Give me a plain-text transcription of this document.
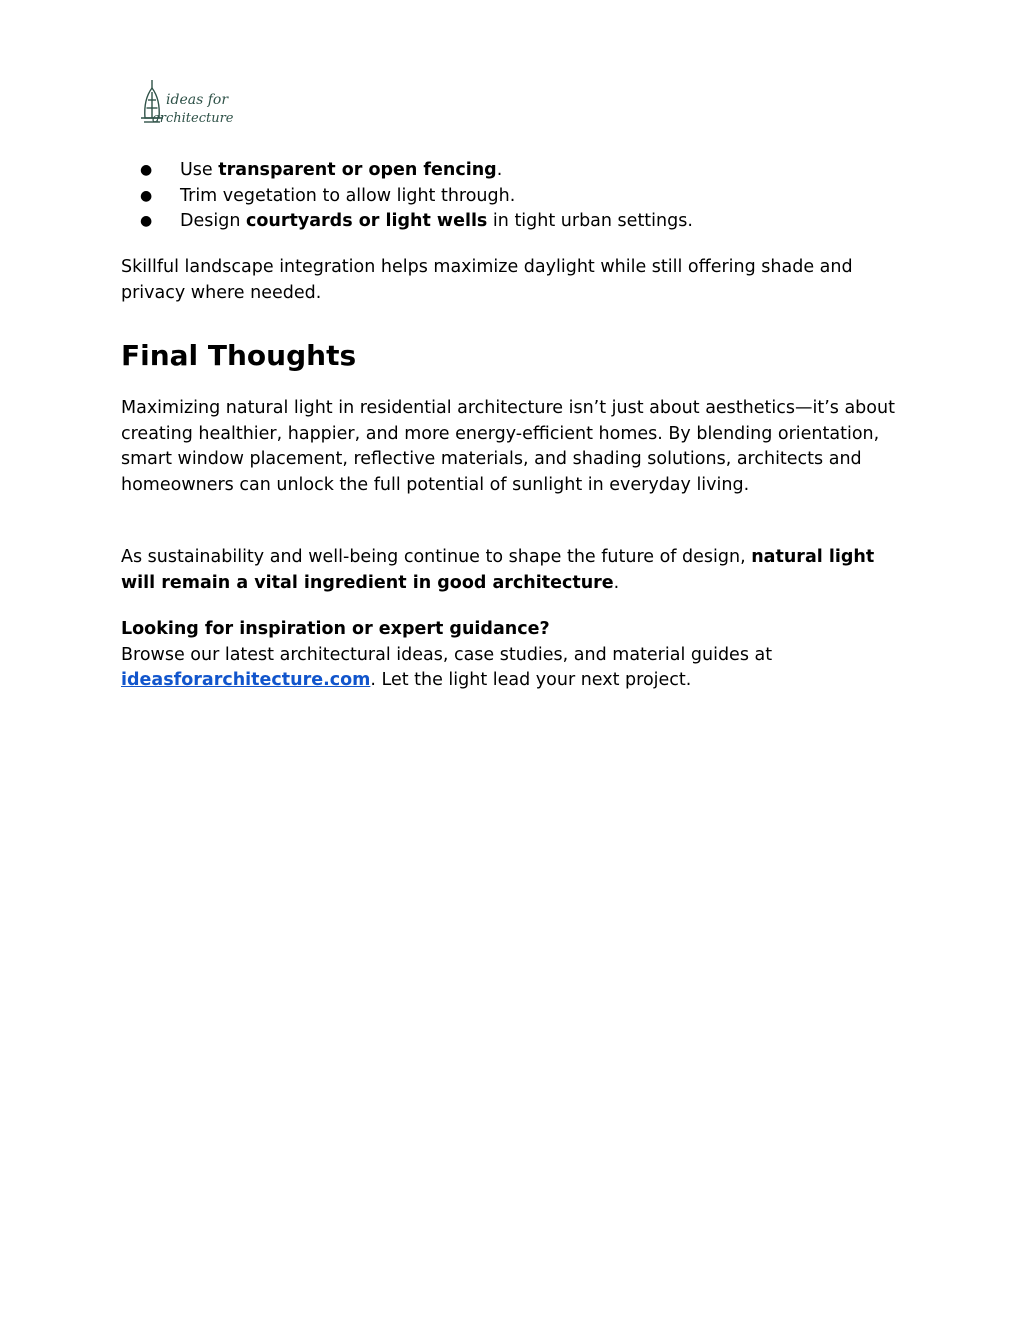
ideas for
architecture
● Use transparent or open fencing.
● Trim vegetation to allow light through.
● Design courtyards or light wells in tight urban settings.

Skillful landscape integration helps maximize daylight while still offering shade and privacy where needed.

Final Thoughts

Maximizing natural light in residential architecture isn’t just about aesthetics—it’s about creating healthier, happier, and more energy-efficient homes. By blending orientation, smart window placement, reflective materials, and shading solutions, architects and homeowners can unlock the full potential of sunlight in everyday living.

As sustainability and well-being continue to shape the future of design, natural light will remain a vital ingredient in good architecture.

Looking for inspiration or expert guidance?
Browse our latest architectural ideas, case studies, and material guides at ideasforarchitecture.com. Let the light lead your next project.
